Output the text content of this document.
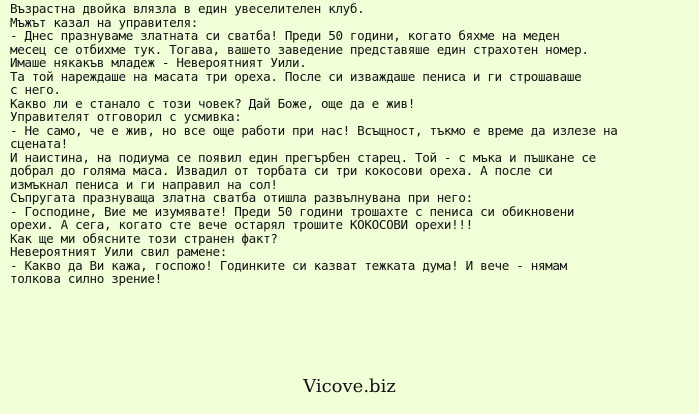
Възрастна двойка влязла в един увеселителен клуб.
Мъжът казал на управителя:
- Днес празнуваме златната си сватба! Преди 50 години, когато бяхме на меден
месец се отбихме тук. Тогава, вашето заведение представяше един страхотен номер.
Имаше някакъв младеж - Невероятният Уили.
Та той нареждаше на масата три ореха. После си изваждаше пениса и ги строшаваше
с него.
Какво ли е станало с този човек? Дай Боже, още да е жив!
Управителят отговорил с усмивка:
- Не само, че е жив, но все още работи при нас! Всъщност, тъкмо е време да излезе на
сцената!
И наистина, на подиума се появил един прегърбен старец. Той - с мъка и пъшкане се
добрал до голяма маса. Извадил от торбата си три кокосови ореха. А после си
измъкнал пениса и ги направил на сол!
Съпругата празнуваща златна сватба отишла развълнувана при него:
- Господине, Вие ме изумявате! Преди 50 години трошахте с пениса си обикновени
орехи. А сега, когато сте вече остарял трошите КОКОСОВИ орехи!!!
Как ще ми обясните този странен факт?
Невероятният Уили свил рамене:
- Какво да Ви кажа, госпожо! Годинките си казват тежката дума! И вече - нямам
толкова силно зрение!
Vicove.biz
